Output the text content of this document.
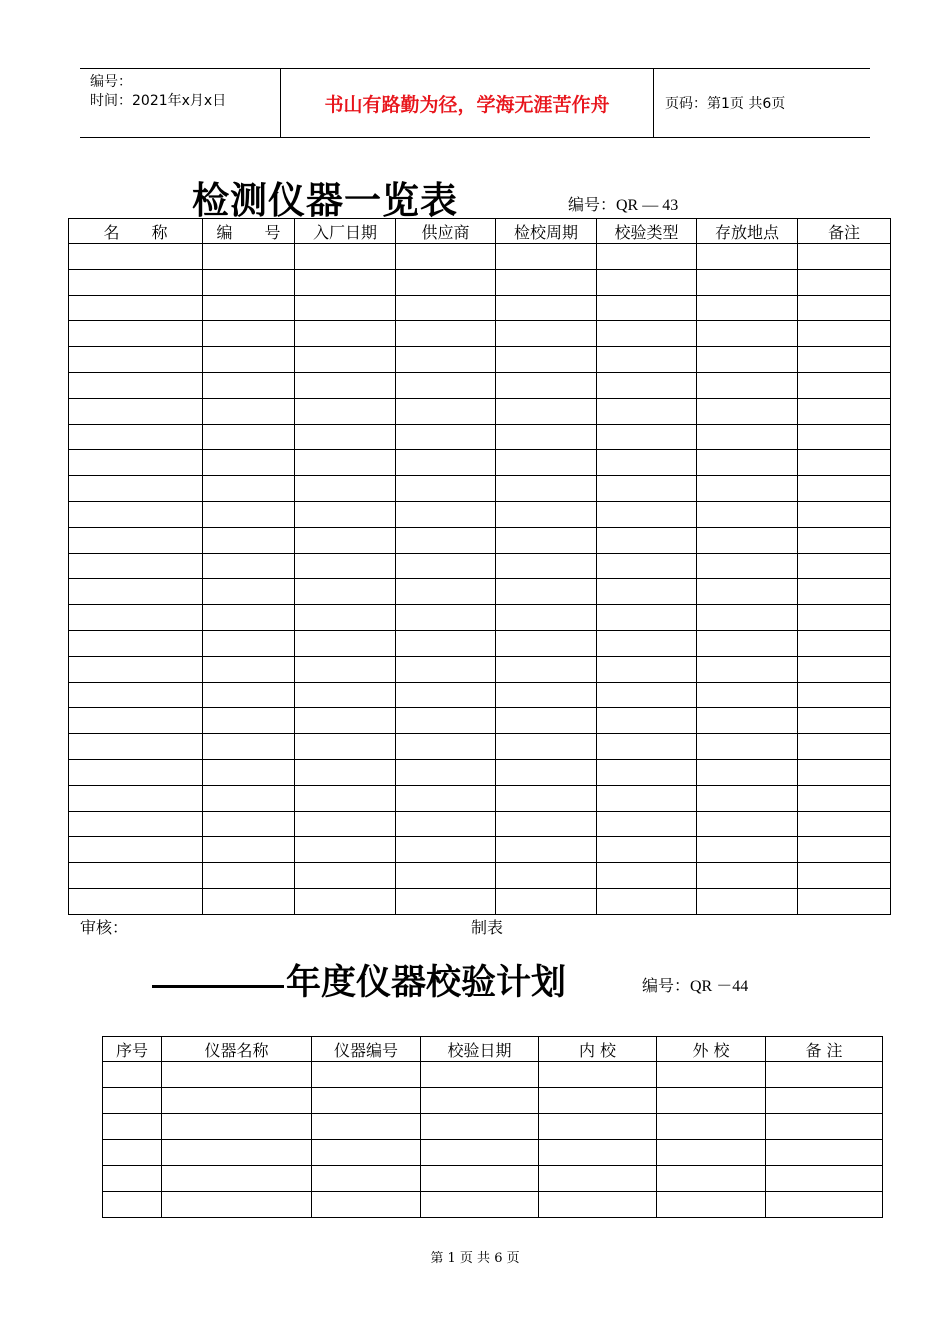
编号：
时间：2021年x月x日	书山有路勤为径，学海无涯苦作舟	页码：第1页 共6页
检测仪器一览表	编号：QR — 43
名　　称	编　　号	入厂日期	供应商	检校周期	校验类型	存放地点	备注

审核：	制表
年度仪器校验计划	编号：QR －44
序号	仪器名称	仪器编号	校验日期	内 校	外 校	备 注

第 1 页 共 6 页
